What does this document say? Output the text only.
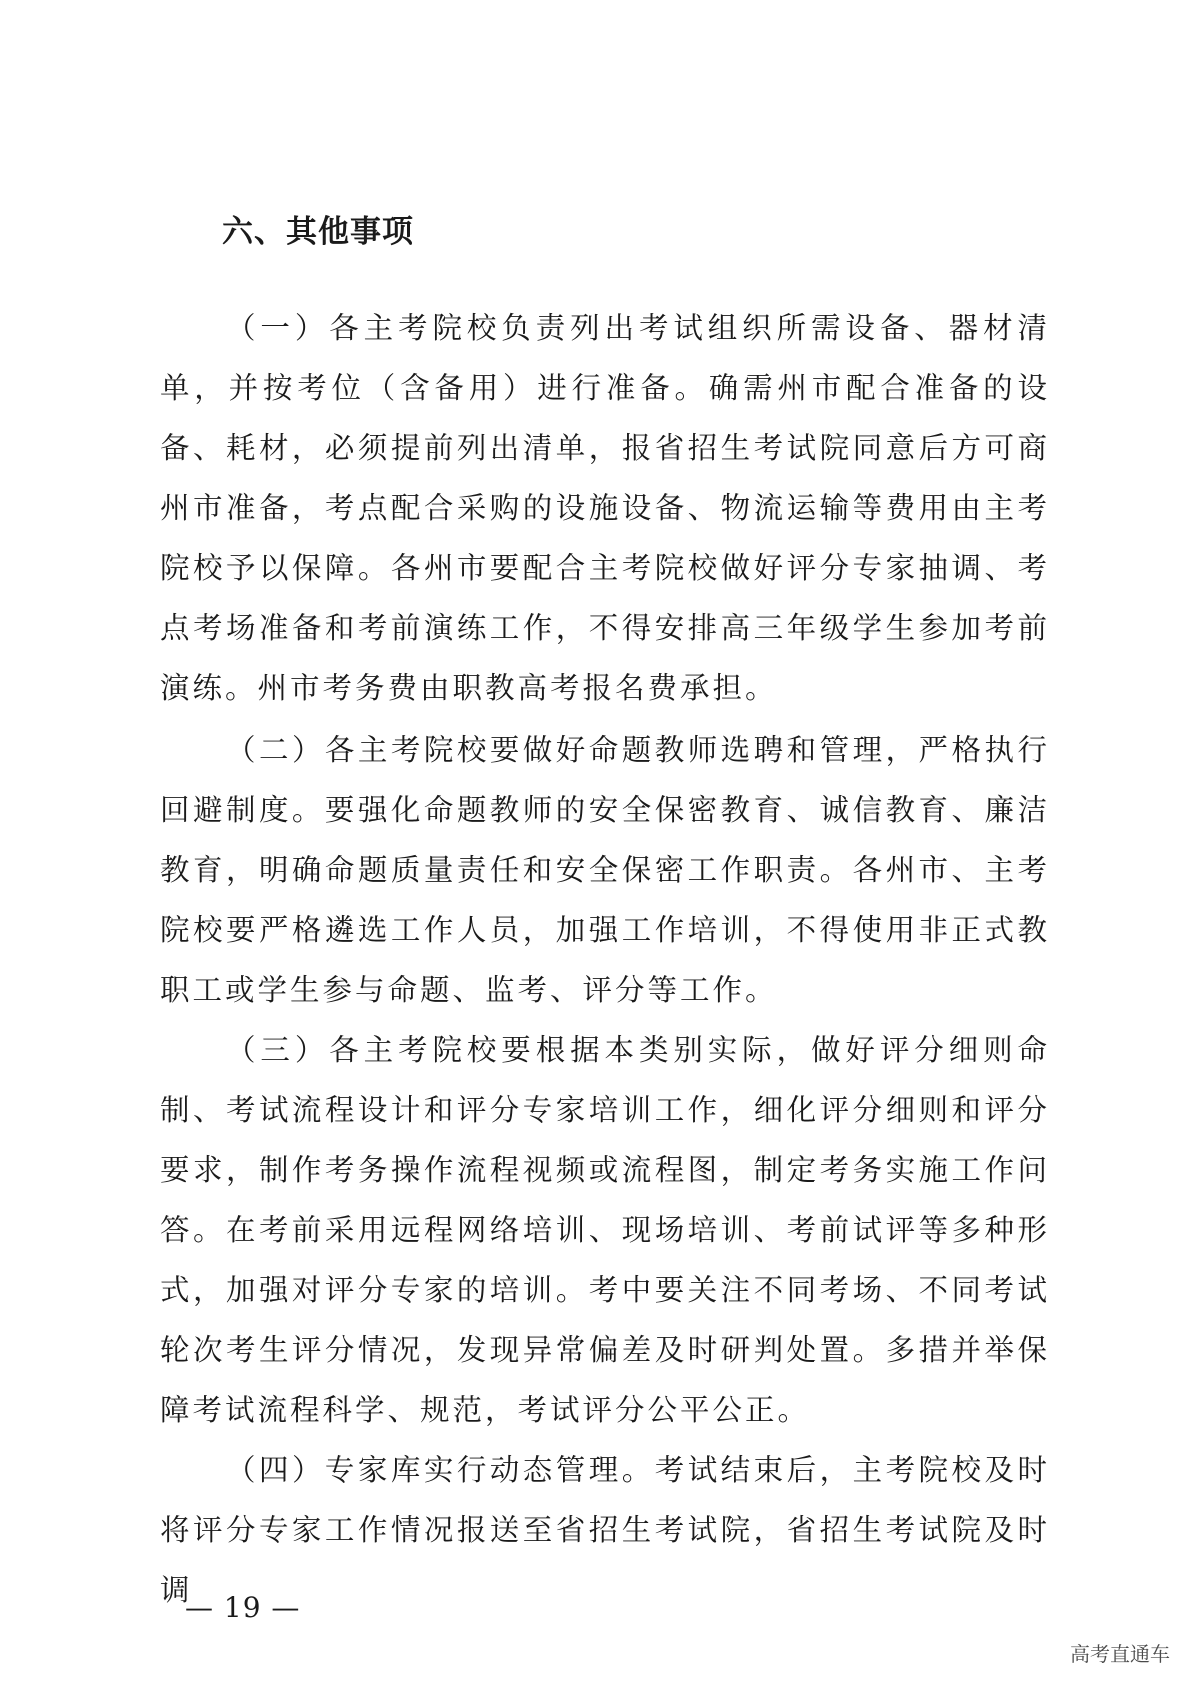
六、其他事项

（一）各主考院校负责列出考试组织所需设备、器材清单，并按考位（含备用）进行准备。确需州市配合准备的设备、耗材，必须提前列出清单，报省招生考试院同意后方可商州市准备，考点配合采购的设施设备、物流运输等费用由主考院校予以保障。各州市要配合主考院校做好评分专家抽调、考点考场准备和考前演练工作，不得安排高三年级学生参加考前演练。州市考务费由职教高考报名费承担。

（二）各主考院校要做好命题教师选聘和管理，严格执行回避制度。要强化命题教师的安全保密教育、诚信教育、廉洁教育，明确命题质量责任和安全保密工作职责。各州市、主考院校要严格遴选工作人员，加强工作培训，不得使用非正式教职工或学生参与命题、监考、评分等工作。

（三）各主考院校要根据本类别实际，做好评分细则命制、考试流程设计和评分专家培训工作，细化评分细则和评分要求，制作考务操作流程视频或流程图，制定考务实施工作问答。在考前采用远程网络培训、现场培训、考前试评等多种形式，加强对评分专家的培训。考中要关注不同考场、不同考试轮次考生评分情况，发现异常偏差及时研判处置。多措并举保障考试流程科学、规范，考试评分公平公正。

（四）专家库实行动态管理。考试结束后，主考院校及时将评分专家工作情况报送至省招生考试院，省招生考试院及时调

— 19 —
高考直通车
